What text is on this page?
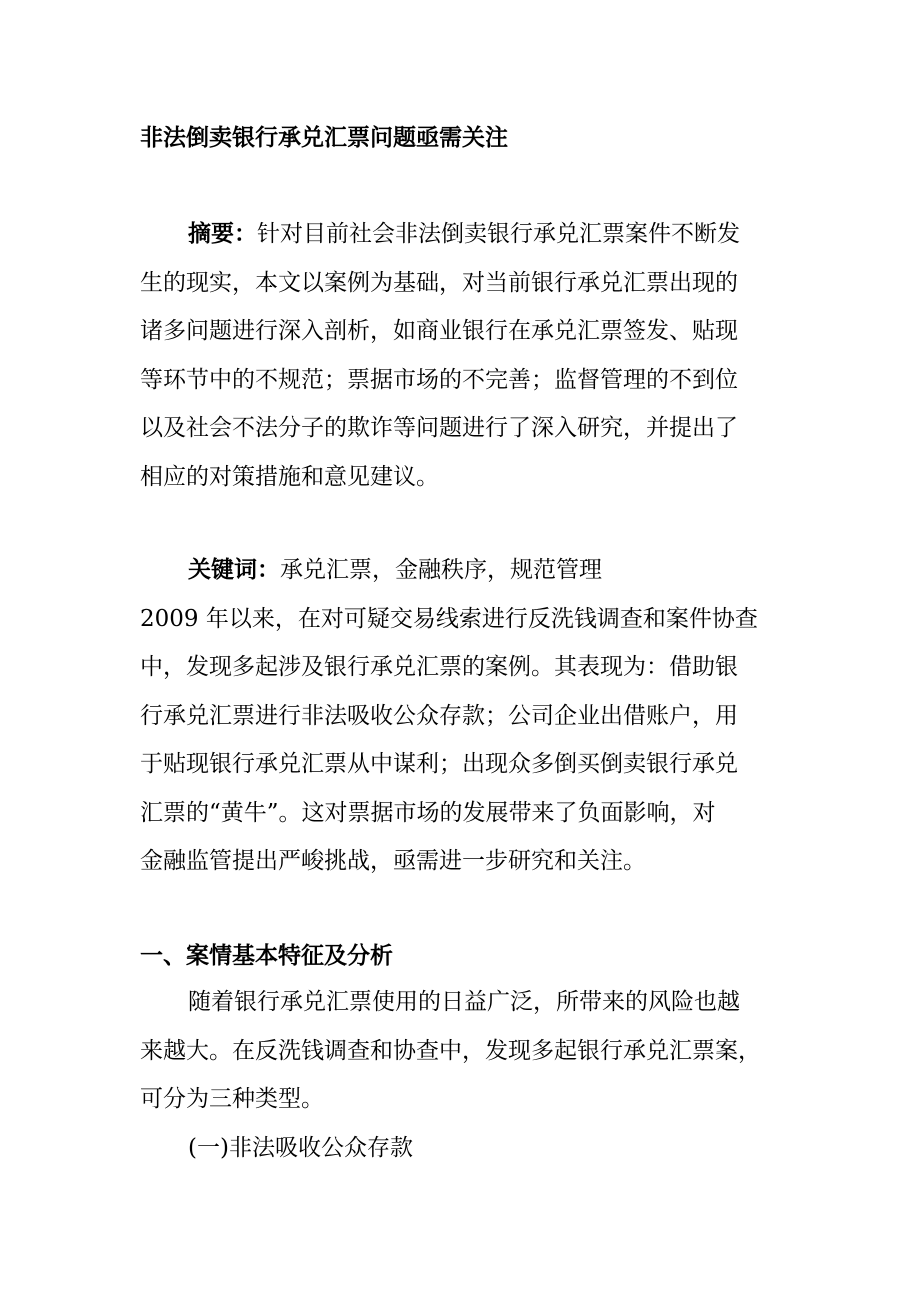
非法倒卖银行承兑汇票问题亟需关注
摘要：针对目前社会非法倒卖银行承兑汇票案件不断发
生的现实，本文以案例为基础，对当前银行承兑汇票出现的
诸多问题进行深入剖析，如商业银行在承兑汇票签发、贴现
等环节中的不规范；票据市场的不完善；监督管理的不到位
以及社会不法分子的欺诈等问题进行了深入研究，并提出了
相应的对策措施和意见建议。
关键词：承兑汇票，金融秩序，规范管理
2009 年以来，在对可疑交易线索进行反洗钱调查和案件协查
中，发现多起涉及银行承兑汇票的案例。其表现为：借助银
行承兑汇票进行非法吸收公众存款；公司企业出借账户，用
于贴现银行承兑汇票从中谋利；出现众多倒买倒卖银行承兑
汇票的“黄牛”。这对票据市场的发展带来了负面影响，对
金融监管提出严峻挑战，亟需进一步研究和关注。
一、案情基本特征及分析
随着银行承兑汇票使用的日益广泛，所带来的风险也越
来越大。在反洗钱调查和协查中，发现多起银行承兑汇票案，
可分为三种类型。
(一)非法吸收公众存款
